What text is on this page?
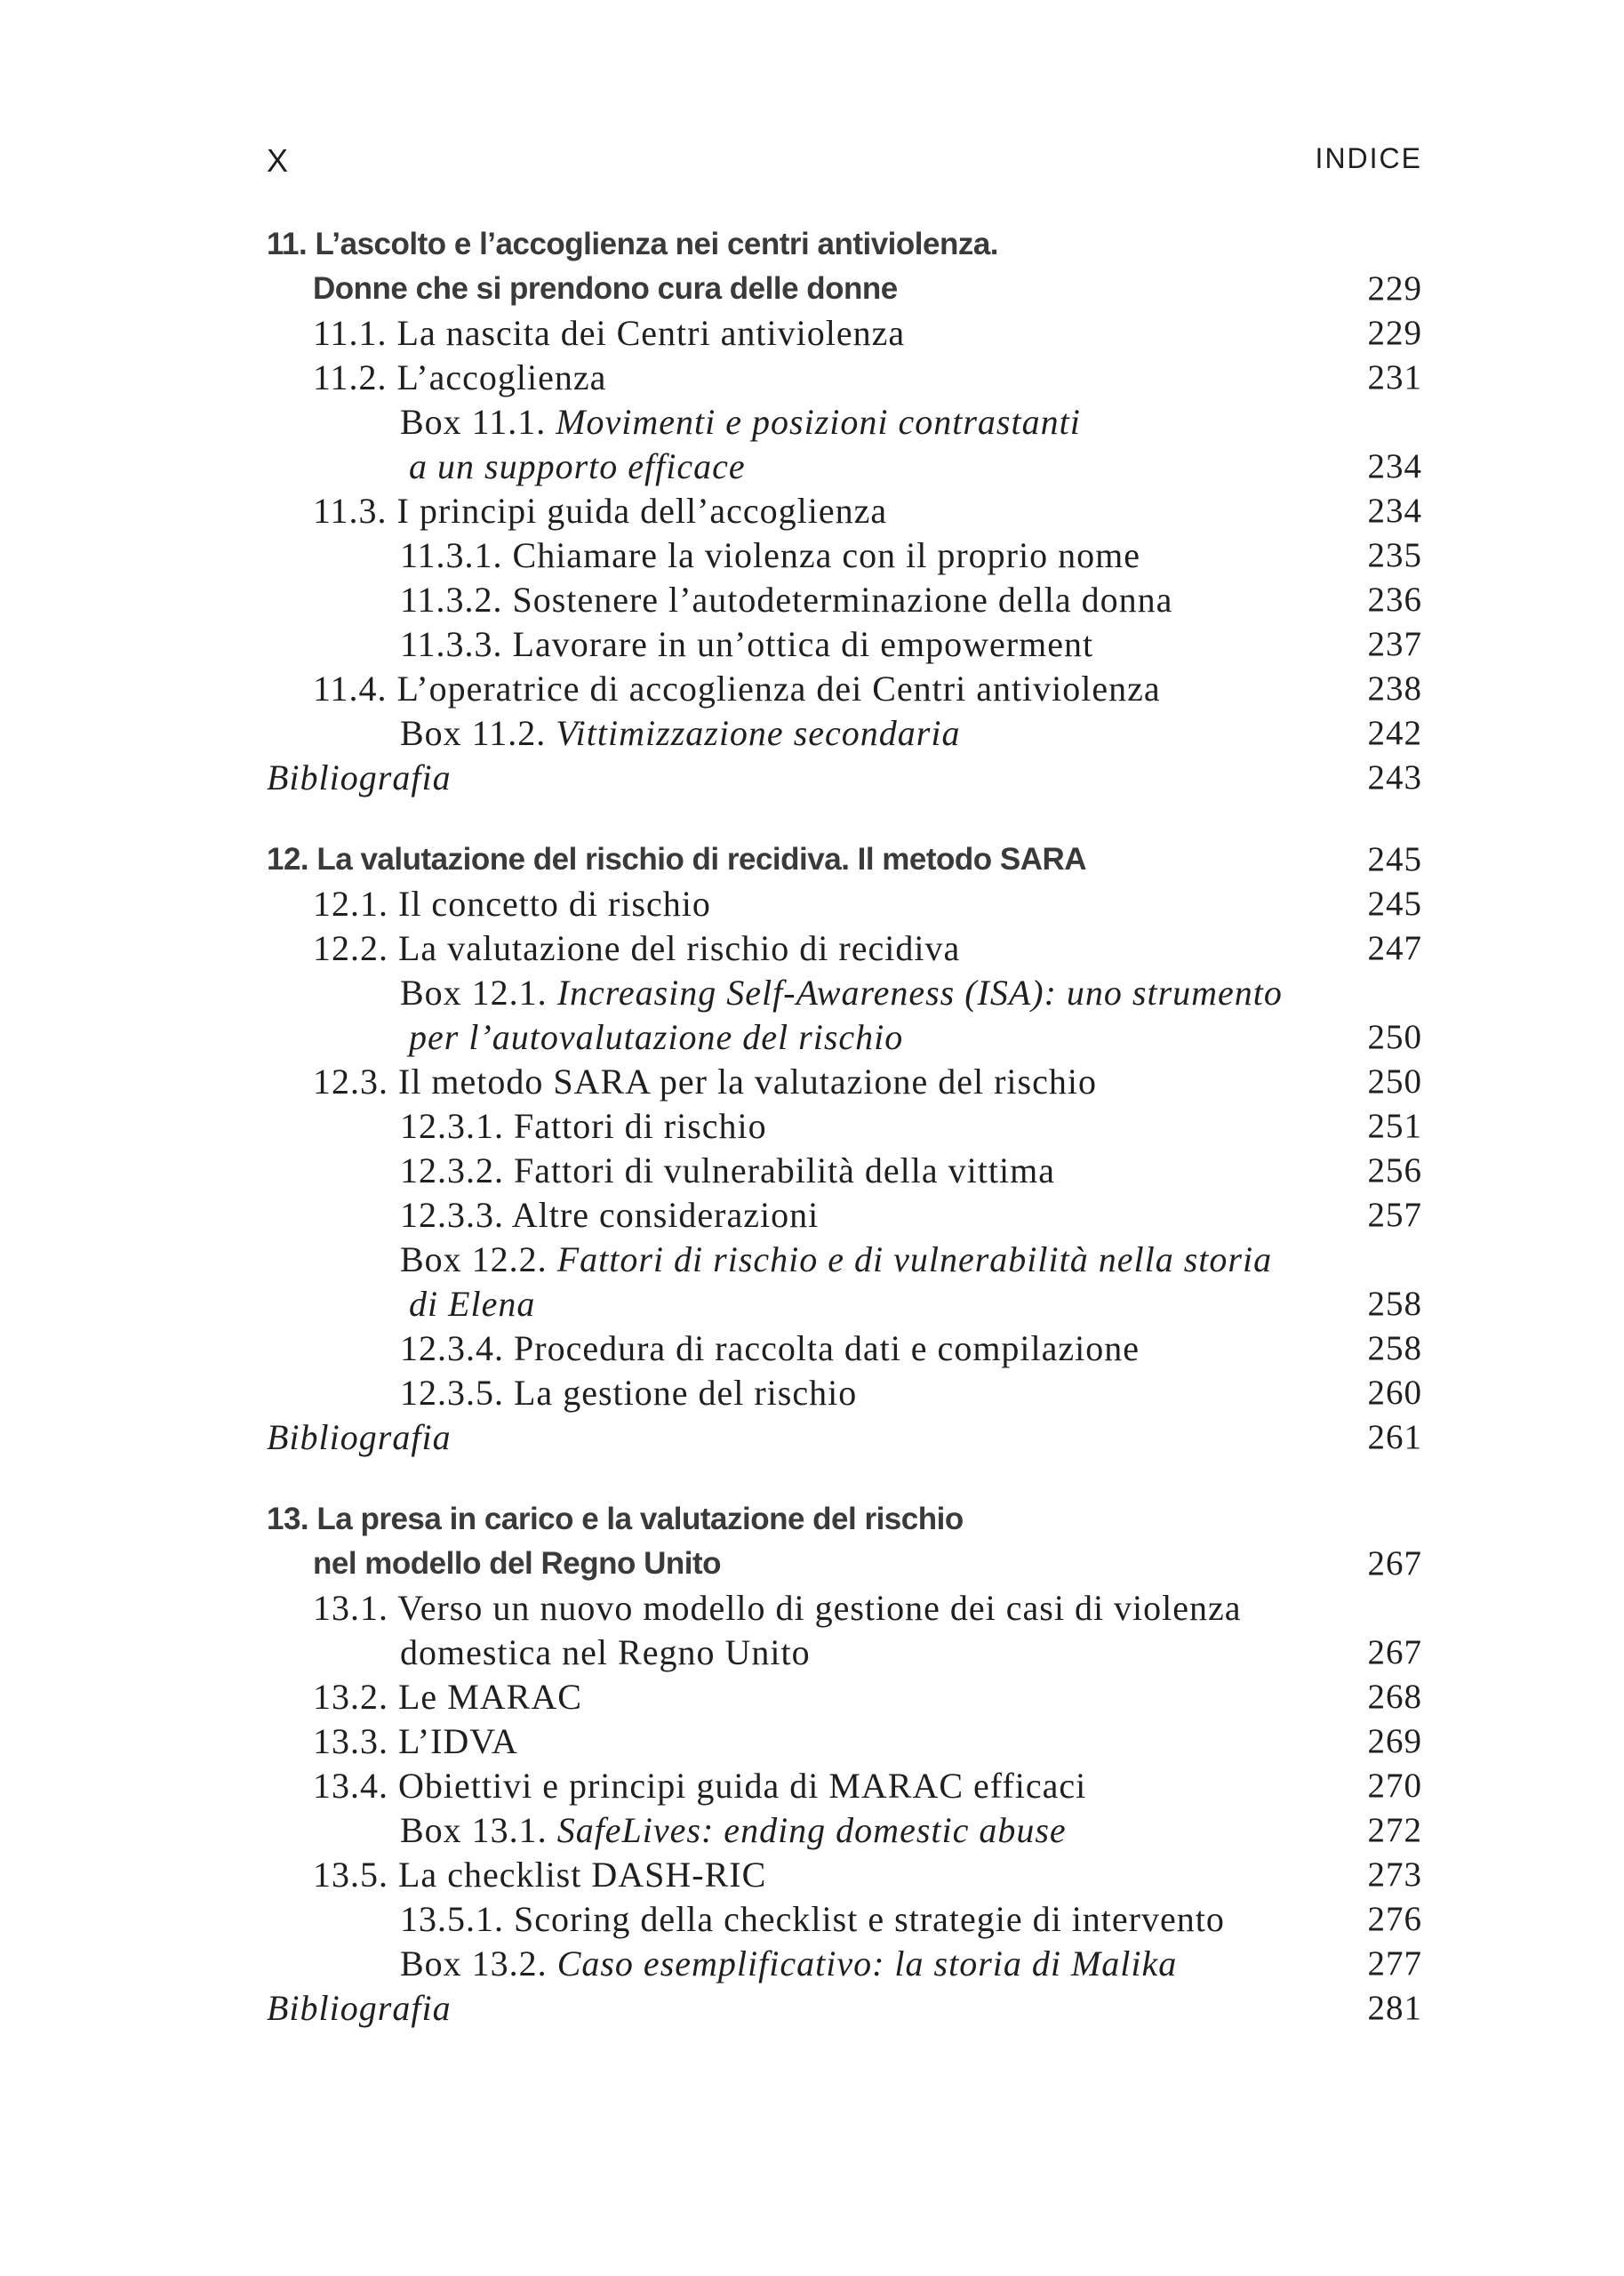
X	INDICE
11. L’ascolto e l’accoglienza nei centri antiviolenza.
Donne che si prendono cura delle donne	229
11.1. La nascita dei Centri antiviolenza	229
11.2. L’accoglienza	231
Box 11.1. Movimenti e posizioni contrastanti
a un supporto efficace	234
11.3. I principi guida dell’accoglienza	234
11.3.1. Chiamare la violenza con il proprio nome	235
11.3.2. Sostenere l’autodeterminazione della donna	236
11.3.3. Lavorare in un’ottica di empowerment	237
11.4. L’operatrice di accoglienza dei Centri antiviolenza	238
Box 11.2. Vittimizzazione secondaria	242
Bibliografia	243
12. La valutazione del rischio di recidiva. Il metodo SARA	245
12.1. Il concetto di rischio	245
12.2. La valutazione del rischio di recidiva	247
Box 12.1. Increasing Self-Awareness (ISA): uno strumento
per l’autovalutazione del rischio	250
12.3. Il metodo SARA per la valutazione del rischio	250
12.3.1. Fattori di rischio	251
12.3.2. Fattori di vulnerabilità della vittima	256
12.3.3. Altre considerazioni	257
Box 12.2. Fattori di rischio e di vulnerabilità nella storia
di Elena	258
12.3.4. Procedura di raccolta dati e compilazione	258
12.3.5. La gestione del rischio	260
Bibliografia	261
13. La presa in carico e la valutazione del rischio
nel modello del Regno Unito	267
13.1. Verso un nuovo modello di gestione dei casi di violenza
domestica nel Regno Unito	267
13.2. Le MARAC	268
13.3. L’IDVA	269
13.4. Obiettivi e principi guida di MARAC efficaci	270
Box 13.1. SafeLives: ending domestic abuse	272
13.5. La checklist DASH-RIC	273
13.5.1. Scoring della checklist e strategie di intervento	276
Box 13.2. Caso esemplificativo: la storia di Malika	277
Bibliografia	281
